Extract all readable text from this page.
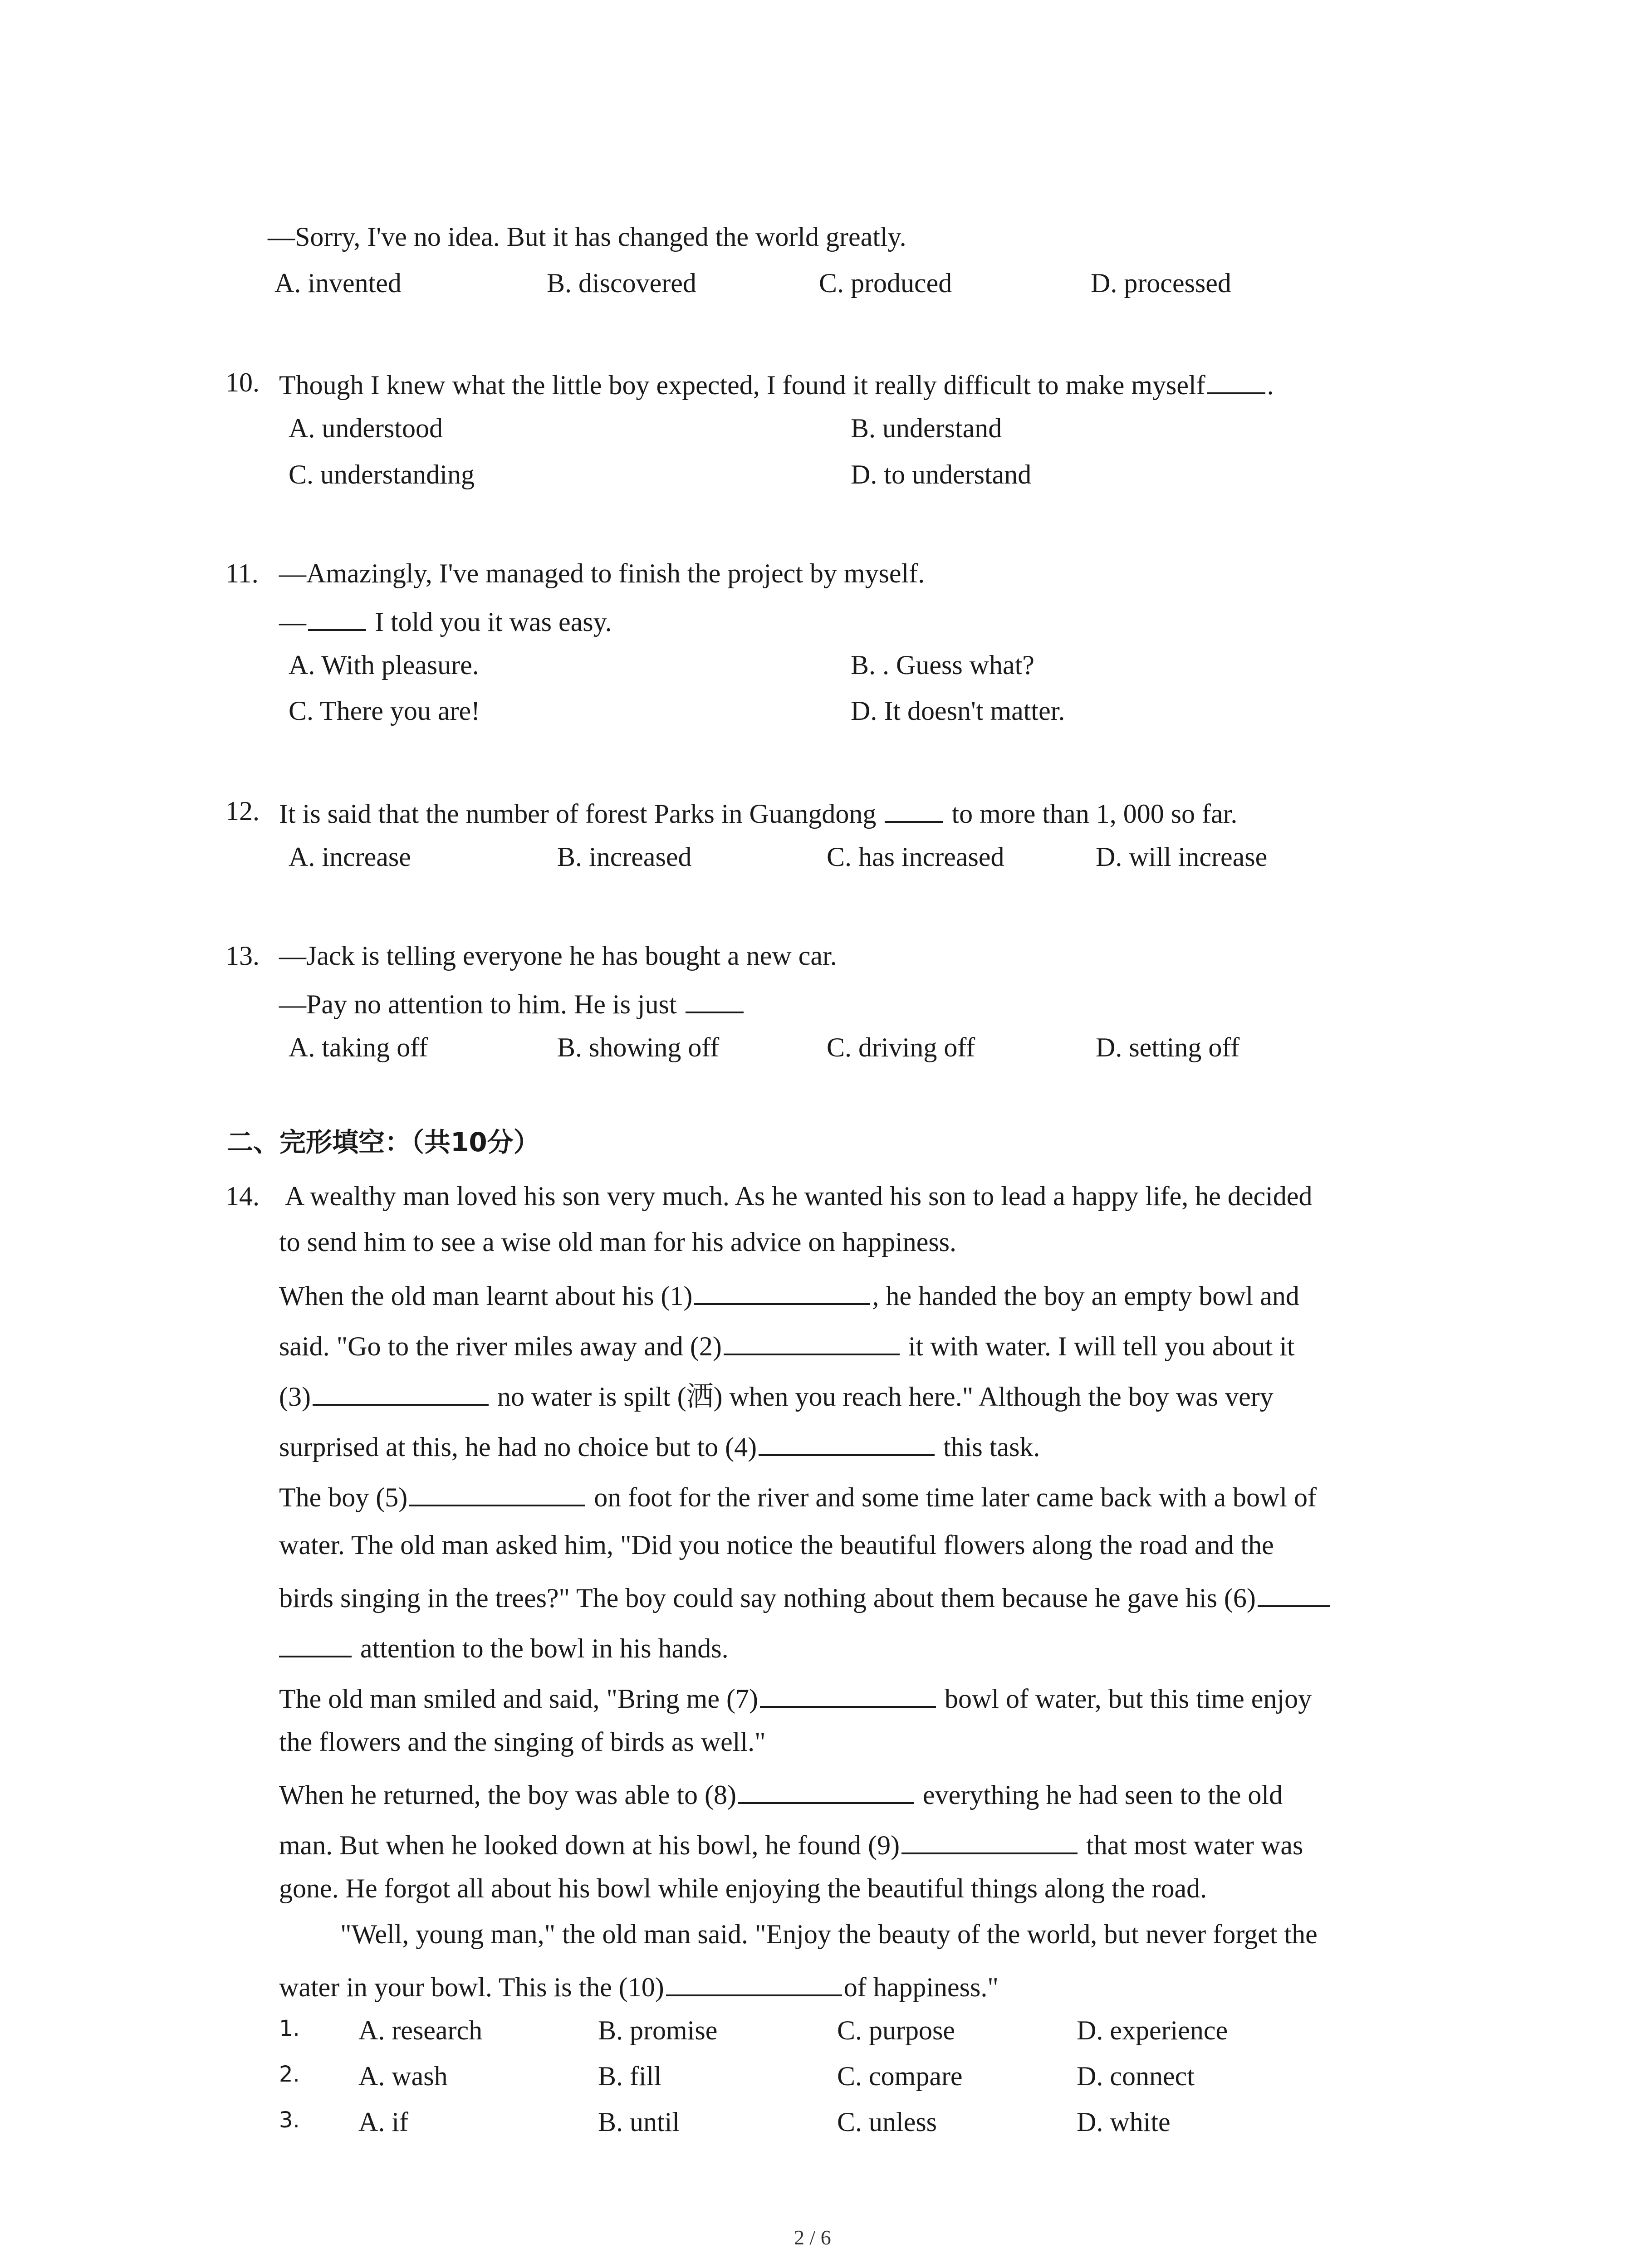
—Sorry, I've no idea. But it has changed the world greatly.
A. invented	B. discovered	C. produced	D. processed
10. Though I knew what the little boy expected, I found it really difficult to make myself .
A. understood	B. understand
C. understanding	D. to understand
11. —Amazingly, I've managed to finish the project by myself.
—	I told you it was easy.
A. With pleasure.	B. . Guess what?
C. There you are!	D. It doesn't matter.
12. It is said that the number of forest Parks in Guangdong	to more than 1, 000 so far.
A. increase	B. increased	C. has increased	D. will increase
13. —Jack is telling everyone he has bought a new car.
—Pay no attention to him. He is just
A. taking off	B. showing off	C. driving off	D. setting off
二、完形填空：（共10分）
14. A wealthy man loved his son very much. As he wanted his son to lead a happy life, he decided
to send him to see a wise old man for his advice on happiness.
When the old man learnt about his (1)	, he handed the boy an empty bowl and
said. "Go to the river miles away and (2)	it with water. I will tell you about it
(3)	no water is spilt (洒) when you reach here." Although the boy was very
surprised at this, he had no choice but to (4)	this task.
The boy (5)	on foot for the river and some time later came back with a bowl of
water. The old man asked him, "Did you notice the beautiful flowers along the road and the
birds singing in the trees?" The boy could say nothing about them because he gave his (6)
attention to the bowl in his hands.
The old man smiled and said, "Bring me (7)	bowl of water, but this time enjoy
the flowers and the singing of birds as well."
When he returned, the boy was able to (8)	everything he had seen to the old
man. But when he looked down at his bowl, he found (9)	that most water was
gone. He forgot all about his bowl while enjoying the beautiful things along the road.
"Well, young man," the old man said. "Enjoy the beauty of the world, but never forget the
water in your bowl. This is the (10)	of happiness."
1. A. research	B. promise	C. purpose	D. experience
2. A. wash	B. fill	C. compare	D. connect
3. A. if	B. until	C. unless	D. white
2 / 6
